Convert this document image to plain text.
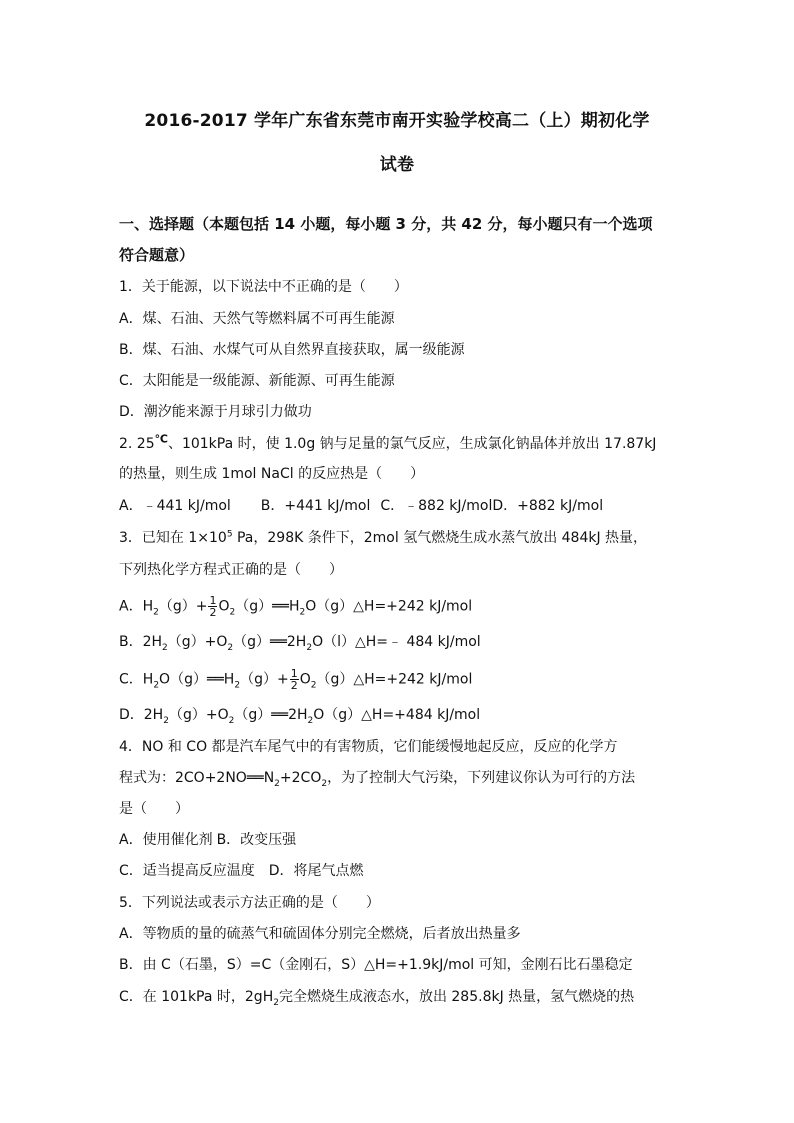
2016-2017 学年广东省东莞市南开实验学校高二（上）期初化学
试卷
一、选择题（本题包括 14 小题，每小题 3 分，共 42 分，每小题只有一个选项
符合题意）
1．关于能源，以下说法中不正确的是（　　）
A．煤、石油、天然气等燃料属不可再生能源
B．煤、石油、水煤气可从自然界直接获取，属一级能源
C．太阳能是一级能源、新能源、可再生能源
D．潮汐能来源于月球引力做功
2. 25℃、101kPa 时，使 1.0g 钠与足量的氯气反应，生成氯化钠晶体并放出 17.87kJ
的热量，则生成 1mol NaCl 的反应热是（　　）
A．﹣441 kJ/mol B．+441 kJ/mol C．﹣882 kJ/molD．+882 kJ/mol
3．已知在 $1\times 10^5$ Pa，298K 条件下，2mol 氢气燃烧生成水蒸气放出 484kJ 热量，
下列热化学方程式正确的是（　　）
A．$H_2(g)+ \frac{1}{2}$ $O_2(g)══H_2O(g)\triangle H=+242$ kJ/mol
B．$2H_2(g)+O_2(g)══2H_2O(l)\triangle H=﹣$ 484 kJ/mol
C．$H_2O(g)══H_2(g)+ \frac{1}{2}$ $O_2(g)\triangle H=+242$ kJ/mol
D．$2H_2(g)+O_2(g)══2H_2O(g)\triangle H=+484$ kJ/mol
4．NO 和 CO 都是汽车尾气中的有害物质，它们能缓慢地起反应，反应的化学方
程式为：$2CO+2NO══N_2+2CO_2$，为了控制大气污染，下列建议你认为可行的方法
是（　　）
A．使用催化剂 B．改变压强
C．适当提高反应温度 D．将尾气点燃
5．下列说法或表示方法正确的是（　　）
A．等物质的量的硫蒸气和硫固体分别完全燃烧，后者放出热量多
B．由 C（石墨，S）=C（金刚石，S）△H=+1.9kJ/mol 可知，金刚石比石墨稳定
C．在 101kPa 时，$2gH_2$完全燃烧生成液态水，放出 285.8kJ 热量，氢气燃烧的热
